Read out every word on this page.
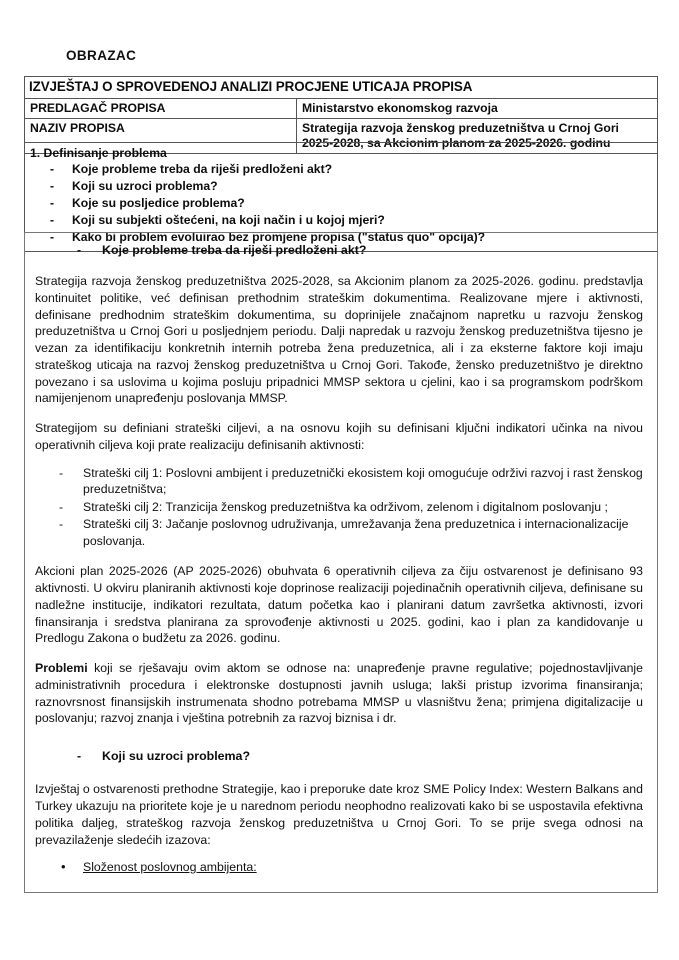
OBRAZAC
IZVJEŠTAJ O SPROVEDENOJ ANALIZI PROCJENE UTICAJA PROPISA	
PREDLAGAČ PROPISA	Ministarstvo ekonomskog razvoja
NAZIV PROPISA	Strategija razvoja ženskog preduzetništva u Crnoj Gori 2025-2028, sa Akcionim planom za 2025-2026. godinu
1. Definisanje problema
- Koje probleme treba da riješi predloženi akt?
- Koji su uzroci problema?
- Koje su posljedice problema?
- Koji su subjekti oštećeni, na koji način i u kojoj mjeri?
- Kako bi problem evoluirao bez promjene propisa ("status quo" opcija)?
- Koje probleme treba da riješi predloženi akt?

Strategija razvoja ženskog preduzetništva 2025-2028, sa Akcionim planom za 2025-2026. godinu. predstavlja kontinuitet politike, već definisan prethodnim strateškim dokumentima. Realizovane mjere i aktivnosti, definisane predhodnim strateškim dokumentima, su doprinijele značajnom napretku u razvoju ženskog preduzetništva u Crnoj Gori u posljednjem periodu. Dalji napredak u razvoju ženskog preduzetništva tijesno je vezan za identifikaciju konkretnih internih potreba žena preduzetnica, ali i za eksterne faktore koji imaju strateškog uticaja na razvoj ženskog preduzetništva u Crnoj Gori. Takođe, žensko preduzetništvo je direktno povezano i sa uslovima u kojima posluju pripadnici MMSP sektora u cjelini, kao i sa programskom podrškom namijenjenom unapređenju poslovanja MMSP.

Strategijom su definiani strateški ciljevi, a na osnovu kojih su definisani ključni indikatori učinka na nivou operativnih ciljeva koji prate realizaciju definisanih aktivnosti:

- Strateški cilj 1: Poslovni ambijent i preduzetnički ekosistem koji omogućuje održivi razvoj i rast ženskog preduzetništva;
- Strateški cilj 2: Tranzicija ženskog preduzetništva ka održivom, zelenom i digitalnom poslovanju ;
- Strateški cilj 3: Jačanje poslovnog udruživanja, umrežavanja žena preduzetnica i internacionalizacije poslovanja.

Akcioni plan 2025-2026 (AP 2025-2026) obuhvata 6 operativnih ciljeva za čiju ostvarenost je definisano 93 aktivnosti. U okviru planiranih aktivnosti koje doprinose realizaciji pojedinačnih operativnih ciljeva, definisane su nadležne institucije, indikatori rezultata, datum početka kao i planirani datum završetka aktivnosti, izvori finansiranja i sredstva planirana za sprovođenje aktivnosti u 2025. godini, kao i plan za kandidovanje u Predlogu Zakona o budžetu za 2026. godinu.

Problemi koji se rješavaju ovim aktom se odnose na: unapređenje pravne regulative; pojednostavljivanje administrativnih procedura i elektronske dostupnosti javnih usluga; lakši pristup izvorima finansiranja; raznovrsnost finansijskih instrumenata shodno potrebama MMSP u vlasništvu žena; primjena digitalizacije u poslovanju; razvoj znanja i vještina potrebnih za razvoj biznisa i dr.

- Koji su uzroci problema?

Izvještaj o ostvarenosti prethodne Strategije, kao i preporuke date kroz SME Policy Index: Western Balkans and Turkey ukazuju na prioritete koje je u narednom periodu neophodno realizovati kako bi se uspostavila efektivna politika daljeg, strateškog razvoja ženskog preduzetništva u Crnoj Gori. To se prije svega odnosi na prevazilaženje sledećih izazova:

• Složenost poslovnog ambijenta:
